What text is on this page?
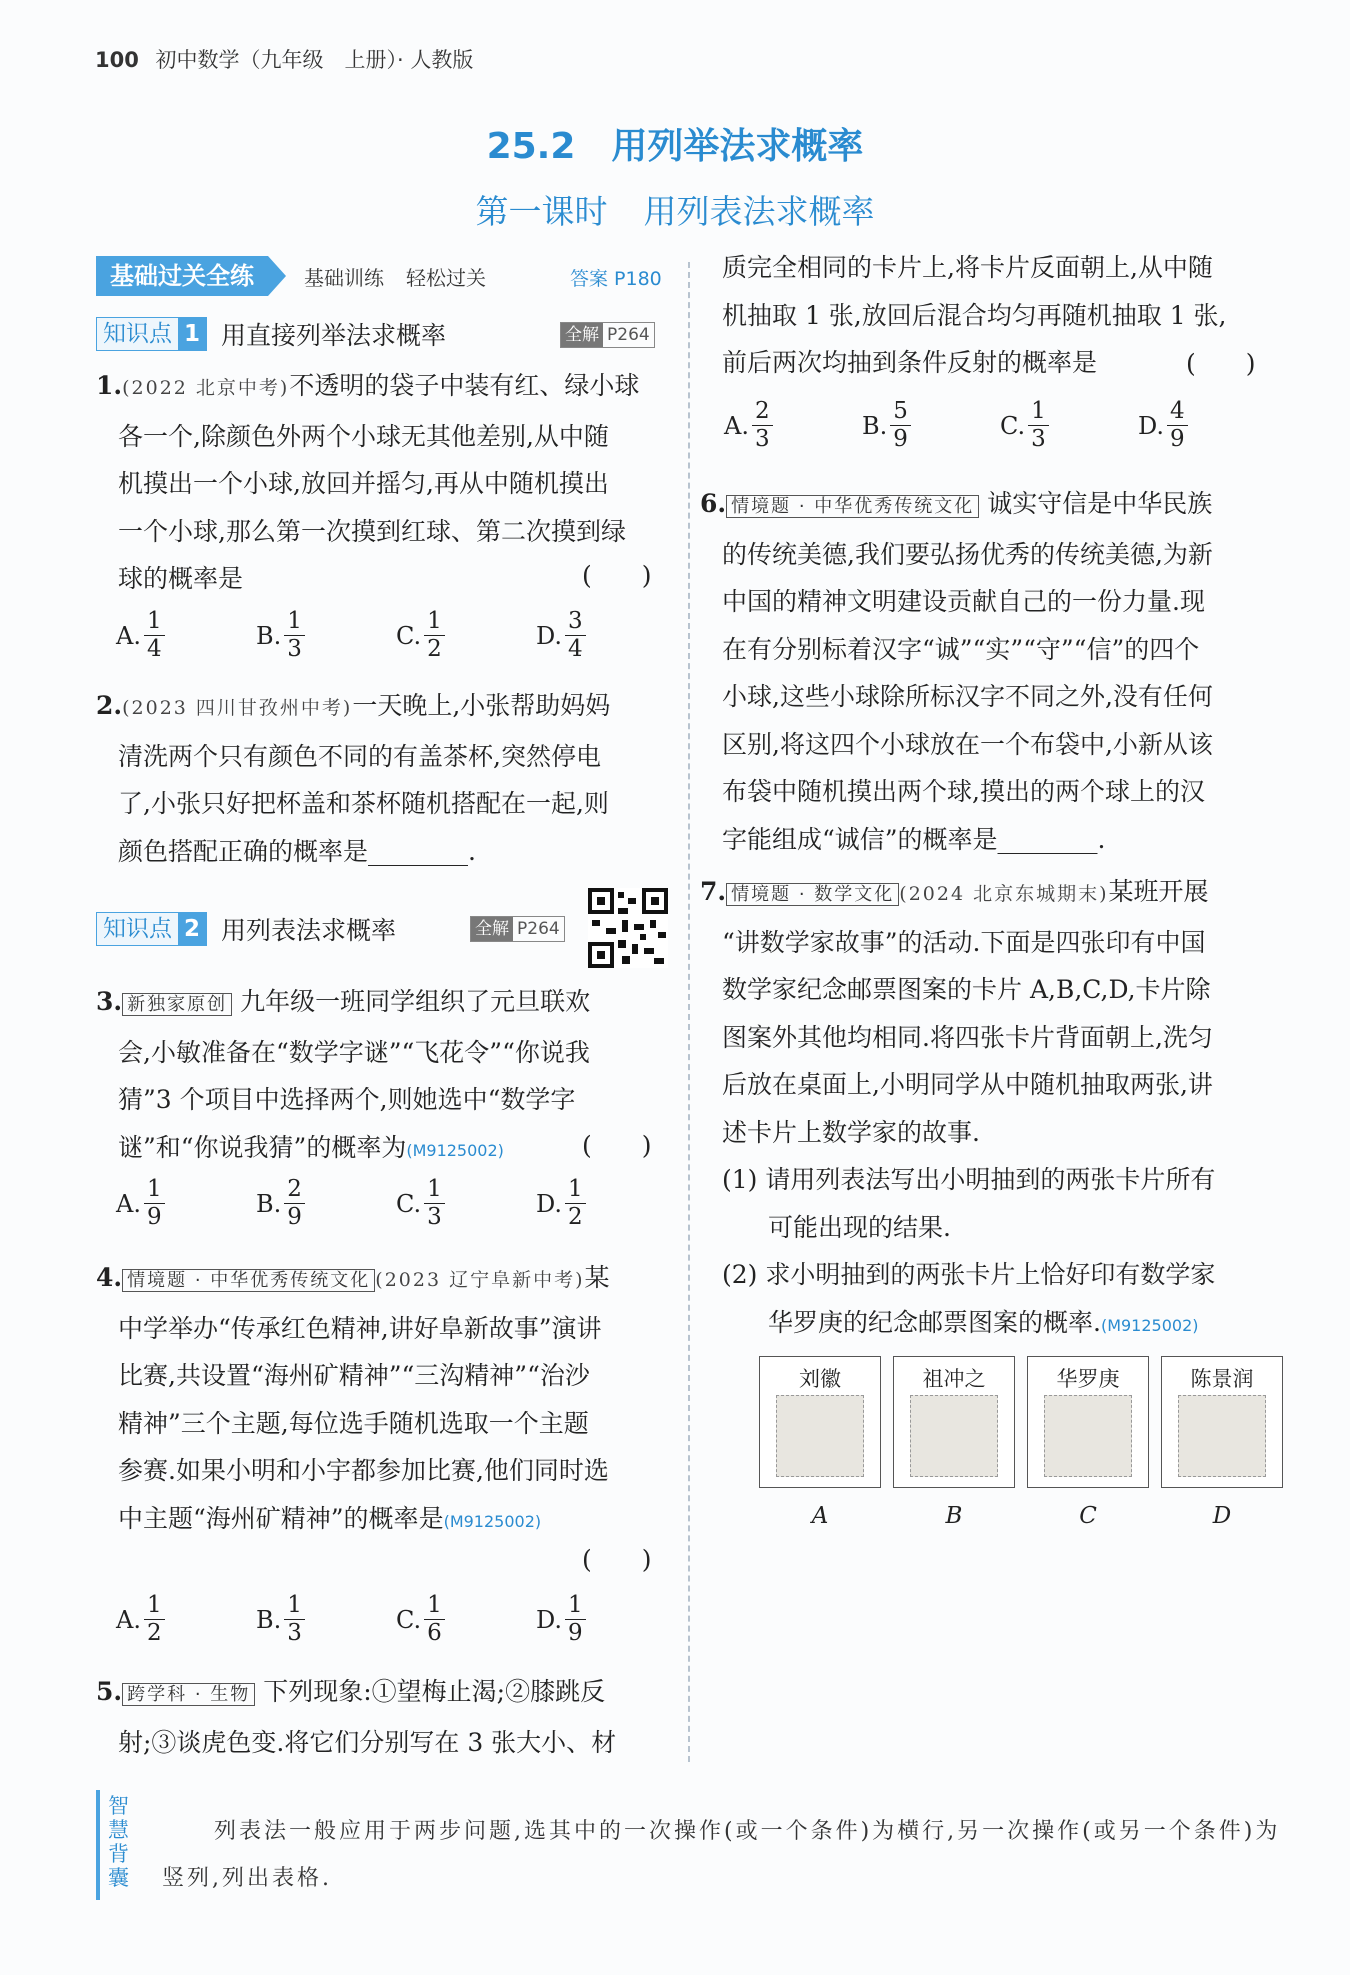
100 初中数学（九年级　上册）· 人教版
25.2 用列举法求概率
第一课时 用列表法求概率
基础过关全练	基础训练 轻松过关	答案 P180
知识点 1 用直接列举法求概率	全解 P264
1.(2022 北京中考)不透明的袋子中装有红、绿小球
各一个,除颜色外两个小球无其他差别,从中随
机摸出一个小球,放回并摇匀,再从中随机摸出
一个小球,那么第一次摸到红球、第二次摸到绿
球的概率是	(　　)
A. $\frac{1}{4}$	B. $\frac{1}{3}$	C. $\frac{1}{2}$	D. $\frac{3}{4}$
2.(2023 四川甘孜州中考)一天晚上,小张帮助妈妈
清洗两个只有颜色不同的有盖茶杯,突然停电
了,小张只好把杯盖和茶杯随机搭配在一起,则
颜色搭配正确的概率是________.
知识点 2 用列表法求概率	全解 P264
3. 新独家原创 九年级一班同学组织了元旦联欢
会,小敏准备在“数学字谜”“飞花令”“你说我
猜”3 个项目中选择两个,则她选中“数学字
谜”和“你说我猜”的概率为(M9125002)	(　　)
A. $\frac{1}{9}$	B. $\frac{2}{9}$	C. $\frac{1}{3}$	D. $\frac{1}{2}$
4. 情境题 · 中华优秀传统文化 (2023 辽宁阜新中考)某
中学举办“传承红色精神,讲好阜新故事”演讲
比赛,共设置“海州矿精神”“三沟精神”“治沙
精神”三个主题,每位选手随机选取一个主题
参赛.如果小明和小宇都参加比赛,他们同时选
中主题“海州矿精神”的概率是(M9125002)
(　　)
A. $\frac{1}{2}$	B. $\frac{1}{3}$	C. $\frac{1}{6}$	D. $\frac{1}{9}$
5. 跨学科 · 生物 下列现象:①望梅止渴;②膝跳反
射;③谈虎色变.将它们分别写在 3 张大小、材
质完全相同的卡片上,将卡片反面朝上,从中随
机抽取 1 张,放回后混合均匀再随机抽取 1 张,
前后两次均抽到条件反射的概率是	(　　)
A. $\frac{2}{3}$	B. $\frac{5}{9}$	C. $\frac{1}{3}$	D. $\frac{4}{9}$
6. 情境题 · 中华优秀传统文化 诚实守信是中华民族
的传统美德,我们要弘扬优秀的传统美德,为新
中国的精神文明建设贡献自己的一份力量.现
在有分别标着汉字“诚”“实”“守”“信”的四个
小球,这些小球除所标汉字不同之外,没有任何
区别,将这四个小球放在一个布袋中,小新从该
布袋中随机摸出两个球,摸出的两个球上的汉
字能组成“诚信”的概率是________.
7. 情境题 · 数学文化 (2024 北京东城期末)某班开展
“讲数学家故事”的活动.下面是四张印有中国
数学家纪念邮票图案的卡片 A,B,C,D,卡片除
图案外其他均相同.将四张卡片背面朝上,洗匀
后放在桌面上,小明同学从中随机抽取两张,讲
述卡片上数学家的故事.
(1) 请用列表法写出小明抽到的两张卡片所有
可能出现的结果.
(2) 求小明抽到的两张卡片上恰好印有数学家
华罗庚的纪念邮票图案的概率.(M9125002)
刘徽
A
祖冲之
B
华罗庚
C
陈景润
D
智慧背囊
列表法一般应用于两步问题,选其中的一次操作(或一个条件)为横行,另一次操作(或另一个条件)为竖列,列出表格.
